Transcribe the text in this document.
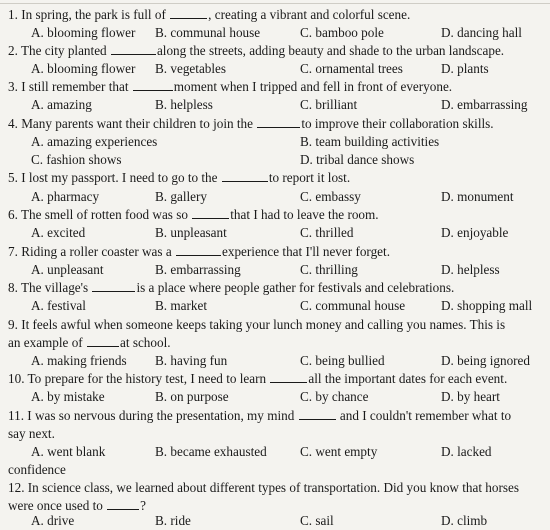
1. In spring, the park is full of	, creating a vibrant and colorful scene.
A. blooming flower B. communal house	C. bamboo pole	D. dancing hall
2. The city planted	along the streets, adding beauty and shade to the urban landscape.
A. blooming flower B. vegetables	C. ornamental trees	D. plants
3. I still remember that	moment when I tripped and fell in front of everyone.
A. amazing	B. helpless	C. brilliant	D. embarrassing
4. Many parents want their children to join the	to improve their collaboration skills.
A. amazing experiences	B. team building activities
C. fashion shows	D. tribal dance shows
5. I lost my passport. I need to go to the	to report it lost.
A. pharmacy	B. gallery	C. embassy	D. monument
6. The smell of rotten food was so	that I had to leave the room.
A. excited	B. unpleasant	C. thrilled	D. enjoyable
7. Riding a roller coaster was a	experience that I'll never forget.
A. unpleasant	B. embarrassing	C. thrilling	D. helpless
8. The village's	is a place where people gather for festivals and celebrations.
A. festival	B. market	C. communal house	D. shopping mall
9. It feels awful when someone keeps taking your lunch money and calling you names. This is
an example of	at school.
A. making friends B. having fun	C. being bullied	D. being ignored
10. To prepare for the history test, I need to learn	all the important dates for each event.
A. by mistake	B. on purpose	C. by chance	D. by heart
11. I was so nervous during the presentation, my mind	and I couldn't remember what to
say next.
A. went blank	B. became exhausted	C. went empty	D. lacked
confidence
12. In science class, we learned about different types of transportation. Did you know that horses
were once used to	?
A. drive	B. ride	C. sail	D. climb
